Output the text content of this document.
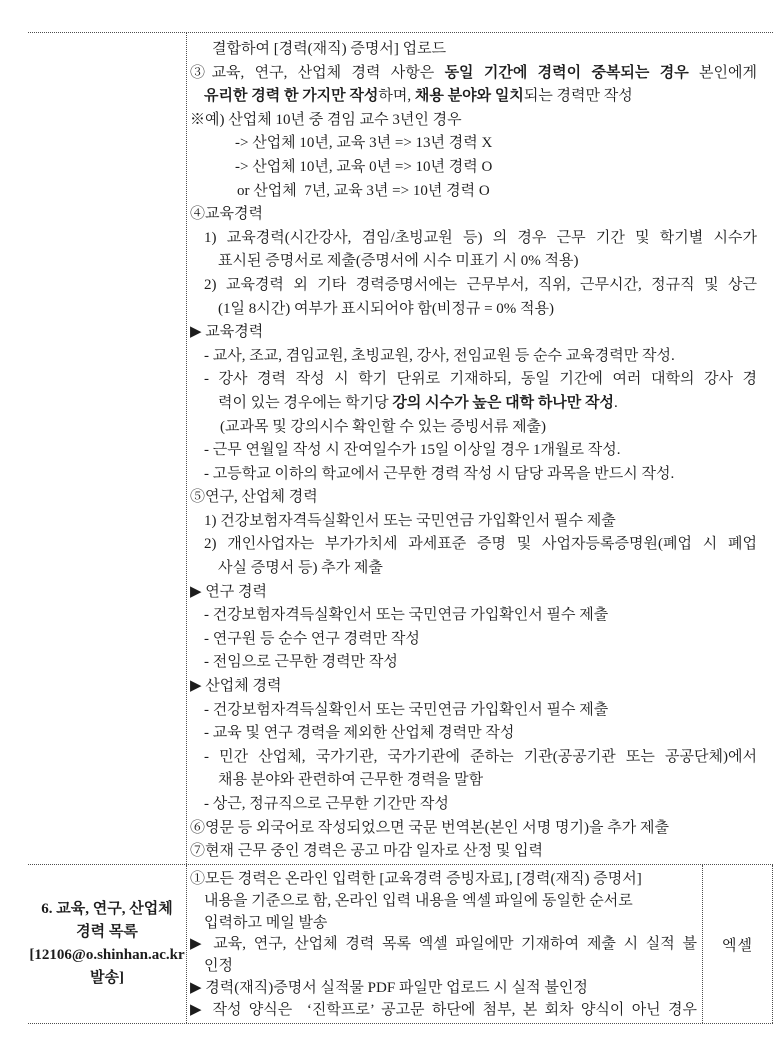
결합하여 [경력(재직) 증명서] 업로드
③교육, 연구, 산업체 경력 사항은 동일 기간에 경력이 중복되는 경우 본인에게
유리한 경력 한 가지만 작성하며, 채용 분야와 일치되는 경력만 작성
※예) 산업체 10년 중 겸임 교수 3년인 경우
-> 산업체 10년, 교육 3년 => 13년 경력 X
-> 산업체 10년, 교육 0년 => 10년 경력 O
or 산업체  7년, 교육 3년 => 10년 경력 O
④교육경력
1) 교육경력(시간강사, 겸임/초빙교원 등) 의 경우 근무 기간 및 학기별 시수가
표시된 증명서로 제출(증명서에 시수 미표기 시 0% 적용)
2) 교육경력 외 기타 경력증명서에는 근무부서, 직위, 근무시간, 정규직 및 상근
(1일 8시간) 여부가 표시되어야 함(비정규 = 0% 적용)
▶ 교육경력
- 교사, 조교, 겸임교원, 초빙교원, 강사, 전임교원 등 순수 교육경력만 작성.
- 강사 경력 작성 시 학기 단위로 기재하되, 동일 기간에 여러 대학의 강사 경
력이 있는 경우에는 학기당 강의 시수가 높은 대학 하나만 작성.
(교과목 및 강의시수 확인할 수 있는 증빙서류 제출)
- 근무 연월일 작성 시 잔여일수가 15일 이상일 경우 1개월로 작성.
- 고등학교 이하의 학교에서 근무한 경력 작성 시 담당 과목을 반드시 작성.
⑤연구, 산업체 경력
1) 건강보험자격득실확인서 또는 국민연금 가입확인서 필수 제출
2) 개인사업자는 부가가치세 과세표준 증명 및 사업자등록증명원(폐업 시 폐업
사실 증명서 등) 추가 제출
▶ 연구 경력
- 건강보험자격득실확인서 또는 국민연금 가입확인서 필수 제출
- 연구원 등 순수 연구 경력만 작성
- 전임으로 근무한 경력만 작성
▶ 산업체 경력
- 건강보험자격득실확인서 또는 국민연금 가입확인서 필수 제출
- 교육 및 연구 경력을 제외한 산업체 경력만 작성
- 민간 산업체, 국가기관, 국가기관에 준하는 기관(공공기관 또는 공공단체)에서
채용 분야와 관련하여 근무한 경력을 말함
- 상근, 정규직으로 근무한 기간만 작성
⑥영문 등 외국어로 작성되었으면 국문 번역본(본인 서명 명기)을 추가 제출
⑦현재 근무 중인 경력은 공고 마감 일자로 산정 및 입력
6. 교육, 연구, 산업체
경력 목록
[12106@o.shinhan.ac.kr
발송]
①모든 경력은 온라인 입력한 [교육경력 증빙자료], [경력(재직) 증명서]
내용을 기준으로 함, 온라인 입력 내용을 엑셀 파일에 동일한 순서로
입력하고 메일 발송
▶ 교육, 연구, 산업체 경력 목록 엑셀 파일에만 기재하여 제출 시 실적 불
인정
▶ 경력(재직)증명서 실적물 PDF 파일만 업로드 시 실적 불인정
▶ 작성 양식은  ‘진학프로’ 공고문 하단에 첨부, 본 회차 양식이 아닌 경우
엑셀
